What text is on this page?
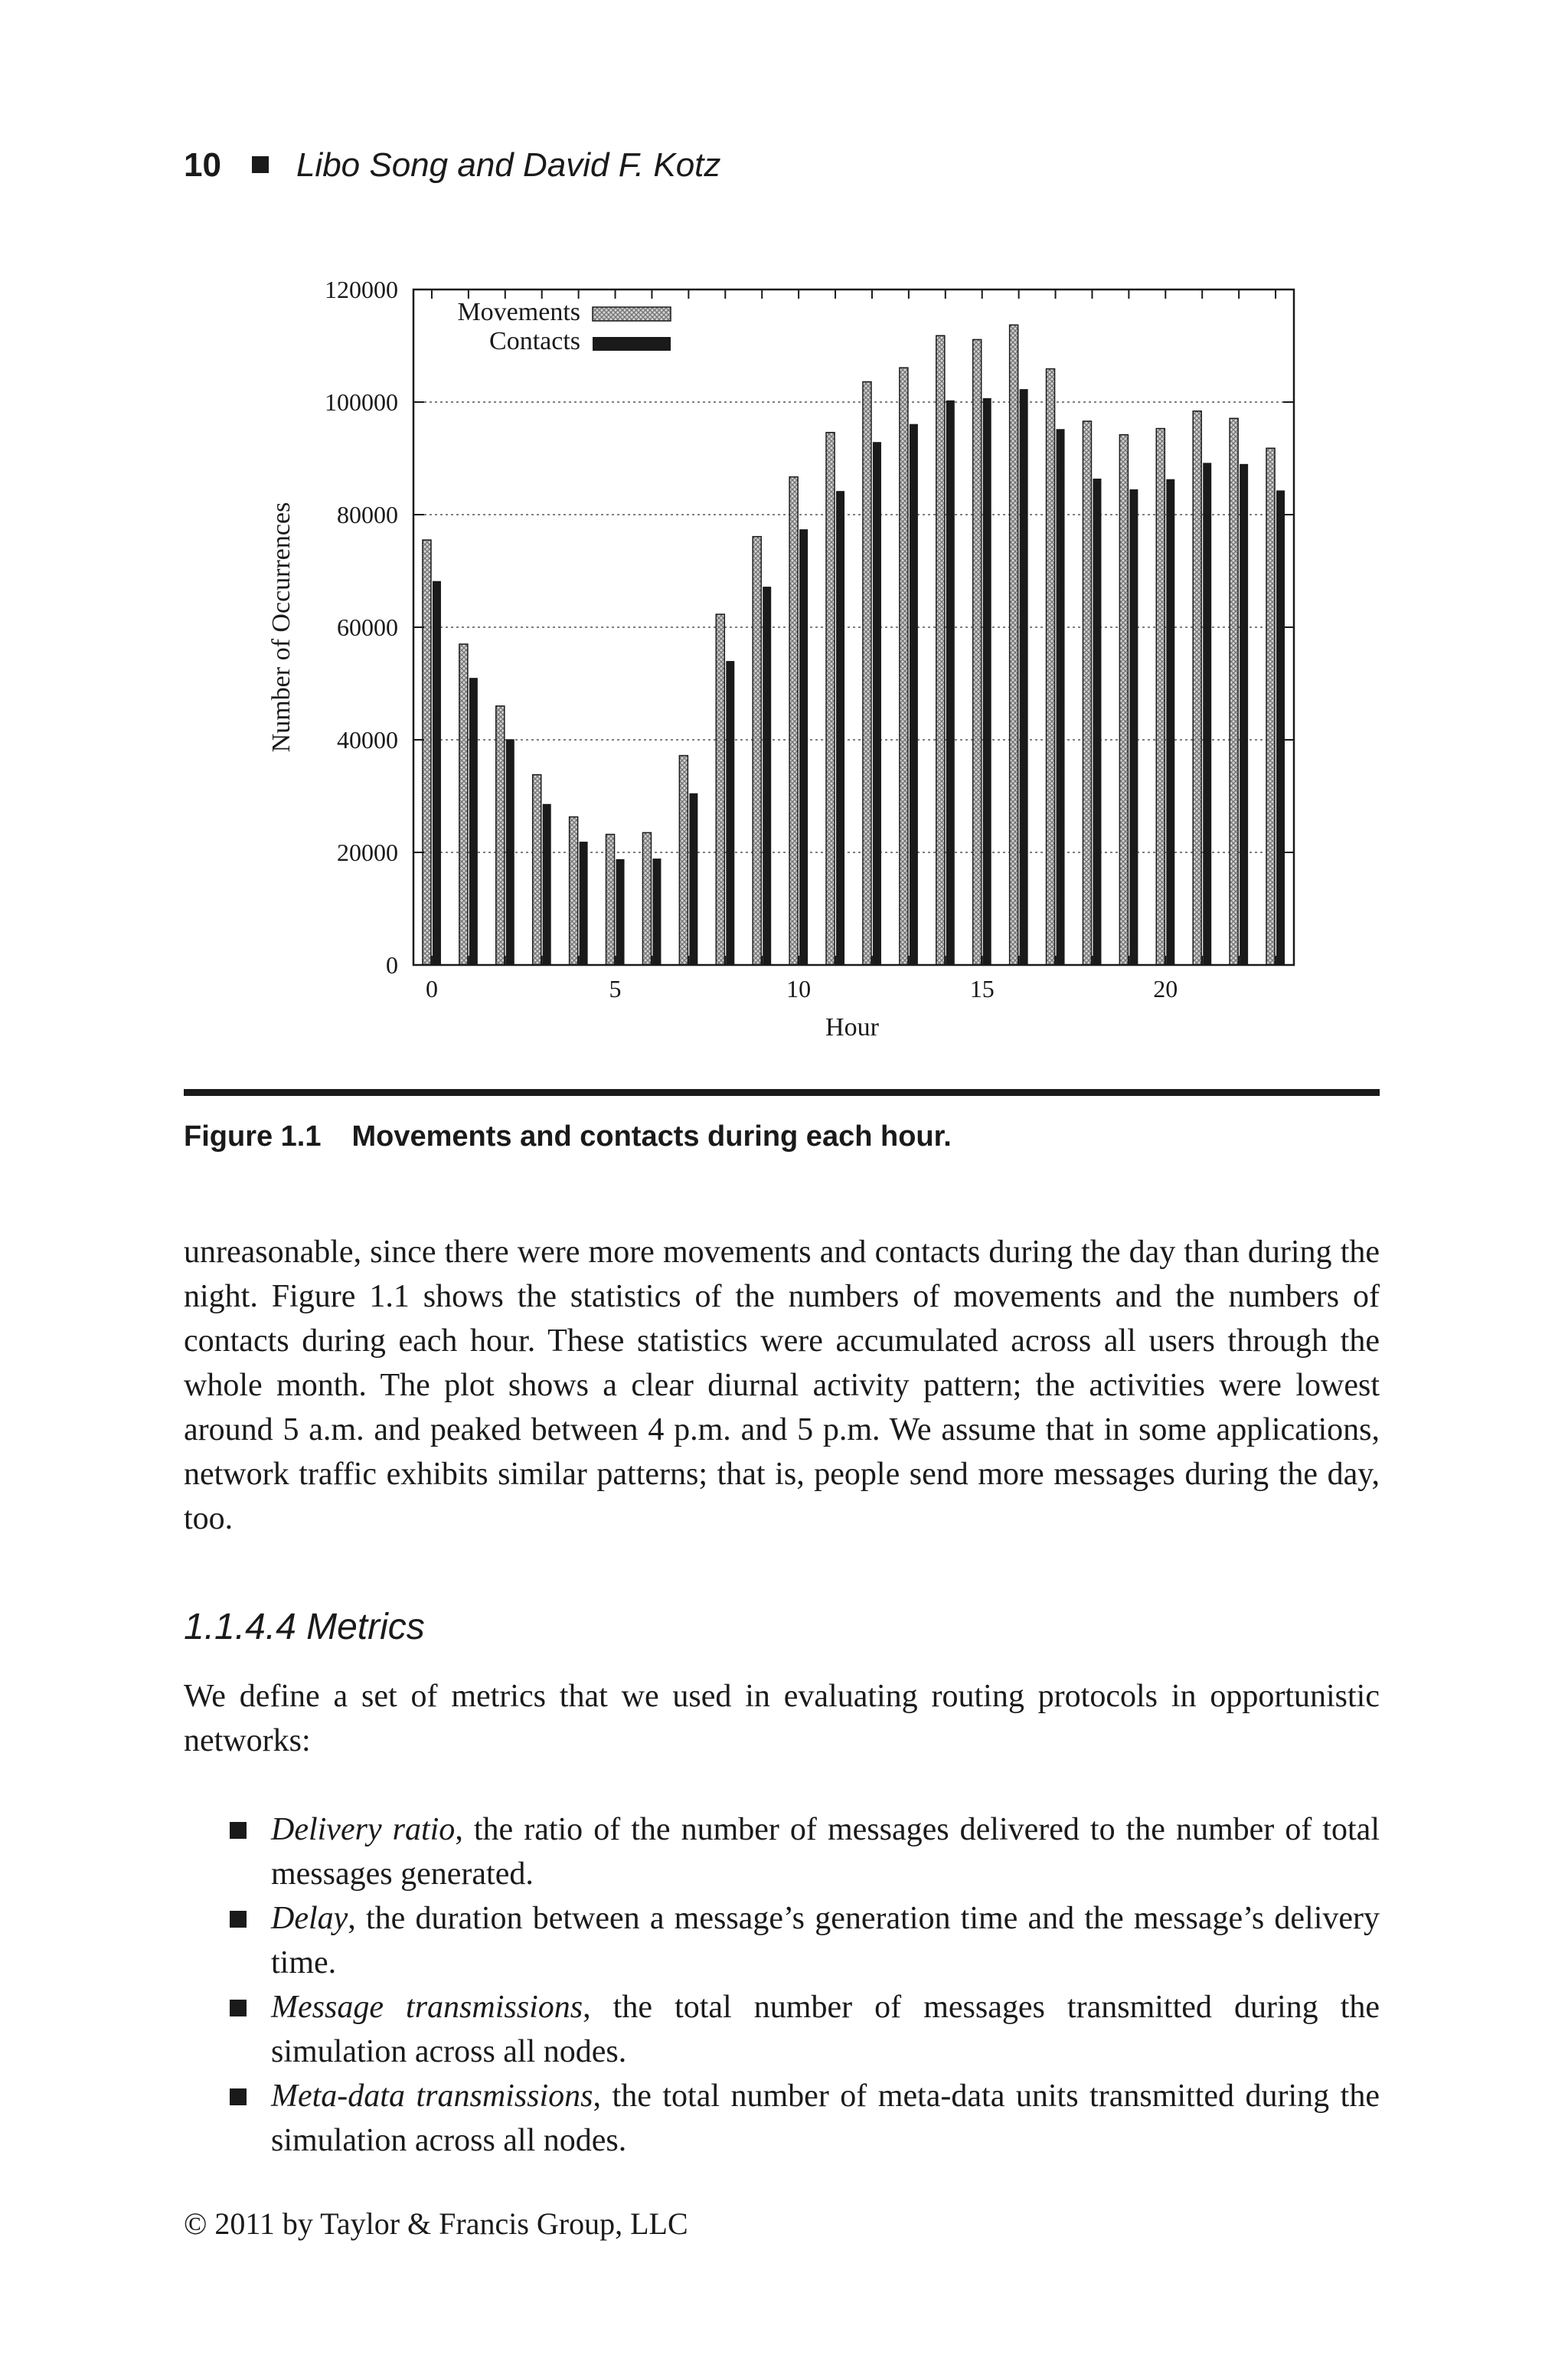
10 Libo Song and David F. Kotz
0
20000
40000
60000
80000
100000
120000
0	5	10	15	20
Hour
Number of Occurrences
Movements
Contacts
Figure 1.1 Movements and contacts during each hour.

unreasonable, since there were more movements and contacts during the day than during the night. Figure 1.1 shows the statistics of the numbers of movements and the numbers of contacts during each hour. These statistics were accumulated across all users through the whole month. The plot shows a clear diurnal activity pattern; the activities were lowest around 5 a.m. and peaked between 4 p.m. and 5 p.m. We assume that in some applications, network traffic exhibits similar patterns; that is, people send more messages during the day, too.

1.1.4.4 Metrics

We define a set of metrics that we used in evaluating routing protocols in opportunistic networks:

Delivery ratio, the ratio of the number of messages delivered to the number of total messages generated.
Delay, the duration between a message’s generation time and the message’s delivery time.
Message transmissions, the total number of messages transmitted during the simulation across all nodes.
Meta-data transmissions, the total number of meta-data units transmitted during the simulation across all nodes.
© 2011 by Taylor & Francis Group, LLC
